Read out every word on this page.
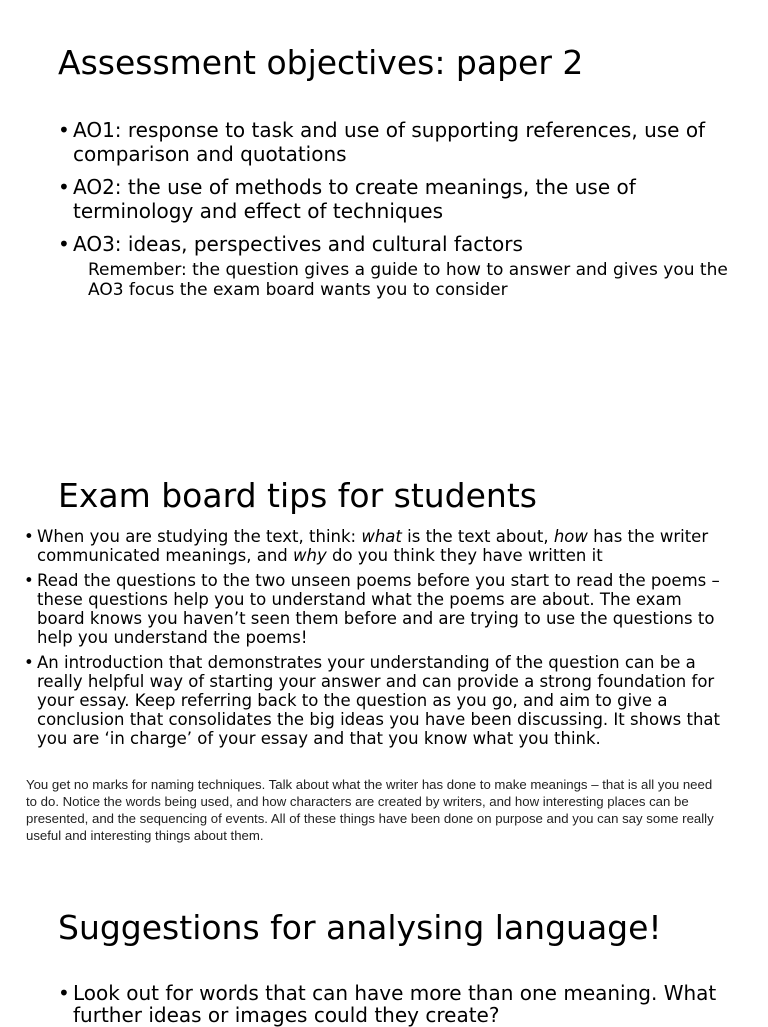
Assessment objectives: paper 2
• AO1: response to task and use of supporting references, use of comparison and quotations
• AO2: the use of methods to create meanings, the use of terminology and effect of techniques
• AO3: ideas, perspectives and cultural factors
Remember: the question gives a guide to how to answer and gives you the AO3 focus the exam board wants you to consider
Exam board tips for students
• When you are studying the text, think: what is the text about, how has the writer communicated meanings, and why do you think they have written it
• Read the questions to the two unseen poems before you start to read the poems – these questions help you to understand what the poems are about. The exam board knows you haven’t seen them before and are trying to use the questions to help you understand the poems!
• An introduction that demonstrates your understanding of the question can be a really helpful way of starting your answer and can provide a strong foundation for your essay. Keep referring back to the question as you go, and aim to give a conclusion that consolidates the big ideas you have been discussing. It shows that you are ‘in charge’ of your essay and that you know what you think.
You get no marks for naming techniques. Talk about what the writer has done to make meanings – that is all you need to do. Notice the words being used, and how characters are created by writers, and how interesting places can be presented, and the sequencing of events. All of these things have been done on purpose and you can say some really useful and interesting things about them.
Suggestions for analysing language!
• Look out for words that can have more than one meaning. What further ideas or images could they create?
